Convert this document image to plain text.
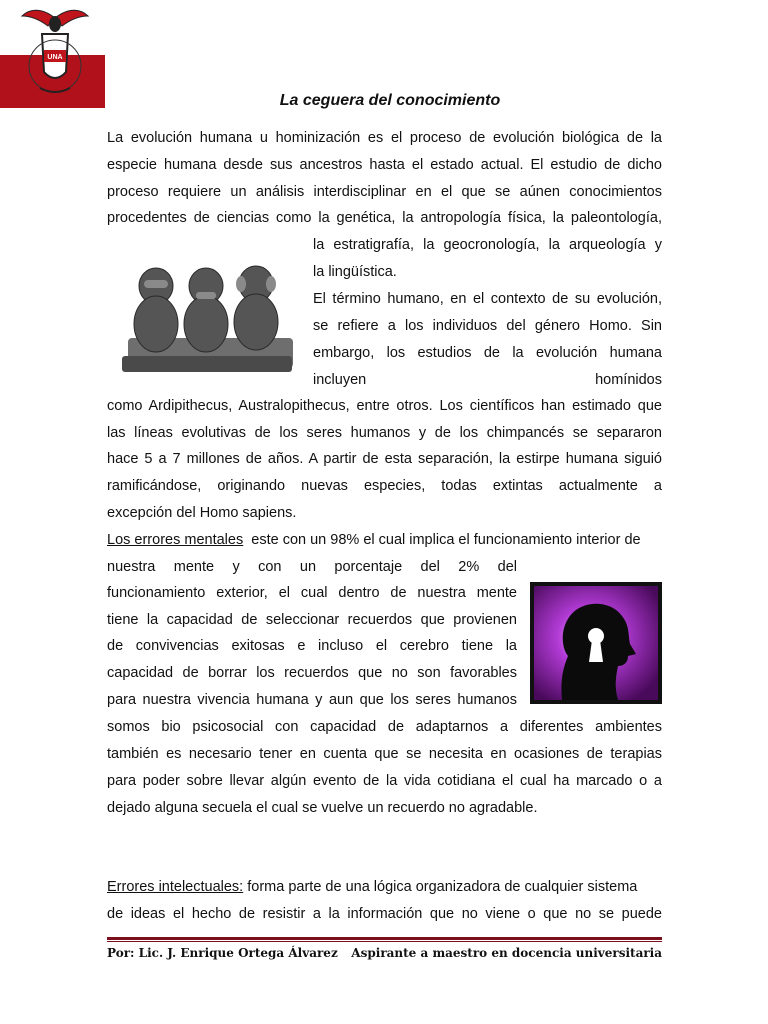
UNA
La ceguera del conocimiento
La evolución humana u hominización es el proceso de evolución biológica de la
especie humana desde sus ancestros hasta el estado actual. El estudio de dicho
proceso requiere un análisis interdisciplinar en el que se aúnen conocimientos
procedentes de ciencias como la genética, la antropología física, la paleontología,
la estratigrafía, la geocronología, la arqueología y
la lingüística.
El término humano, en el contexto de su evolución,
se refiere a los individuos del género Homo. Sin
embargo, los estudios de la evolución humana
incluyen homínidos
como Ardipithecus, Australopithecus, entre otros. Los científicos han estimado que
las líneas evolutivas de los seres humanos y de los chimpancés se separaron
hace 5 a 7 millones de años. A partir de esta separación, la estirpe humana siguió
ramificándose, originando nuevas especies, todas extintas actualmente a
excepción del Homo sapiens.
Los errores mentales este con un 98% el cual implica el funcionamiento interior de
nuestra mente y con un porcentaje del 2% del
funcionamiento exterior, el cual dentro de nuestra mente
tiene la capacidad de seleccionar recuerdos que provienen
de convivencias exitosas e incluso el cerebro tiene la
capacidad de borrar los recuerdos que no son favorables
para nuestra vivencia humana y aun que los seres humanos
somos bio psicosocial con capacidad de adaptarnos a diferentes ambientes
también es necesario tener en cuenta que se necesita en ocasiones de terapias
para poder sobre llevar algún evento de la vida cotidiana el cual ha marcado o a
dejado alguna secuela el cual se vuelve un recuerdo no agradable.
Errores intelectuales: forma parte de una lógica organizadora de cualquier sistema
de ideas el hecho de resistir a la información que no viene o que no se puede
Por: Lic. J. Enrique Ortega Álvarez Aspirante a maestro en docencia universitaria
